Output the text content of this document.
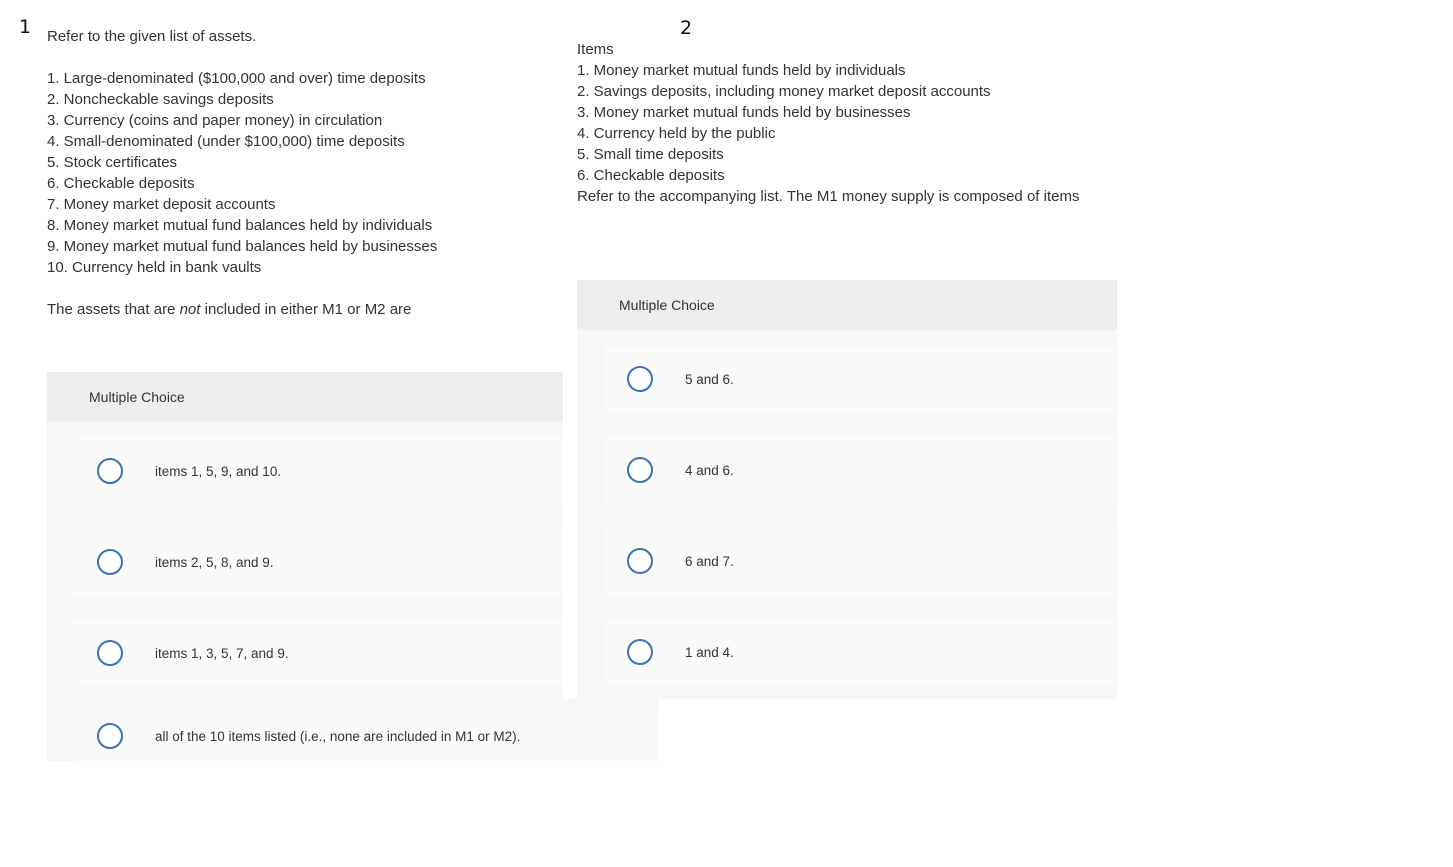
1 Refer to the given list of assets.
1. Large-denominated ($100,000 and over) time deposits
2. Noncheckable savings deposits
3. Currency (coins and paper money) in circulation
4. Small-denominated (under $100,000) time deposits
5. Stock certificates
6. Checkable deposits
7. Money market deposit accounts
8. Money market mutual fund balances held by individuals
9. Money market mutual fund balances held by businesses
10. Currency held in bank vaults
The assets that are not included in either M1 or M2 are
Multiple Choice
items 1, 5, 9, and 10.
items 2, 5, 8, and 9.
items 1, 3, 5, 7, and 9.
2
Items
1. Money market mutual funds held by individuals
2. Savings deposits, including money market deposit accounts
3. Money market mutual funds held by businesses
4. Currency held by the public
5. Small time deposits
6. Checkable deposits
Refer to the accompanying list. The M1 money supply is composed of items
Multiple Choice
5 and 6.
4 and 6.
6 and 7.
1 and 4.
all of the 10 items listed (i.e., none are included in M1 or M2).
